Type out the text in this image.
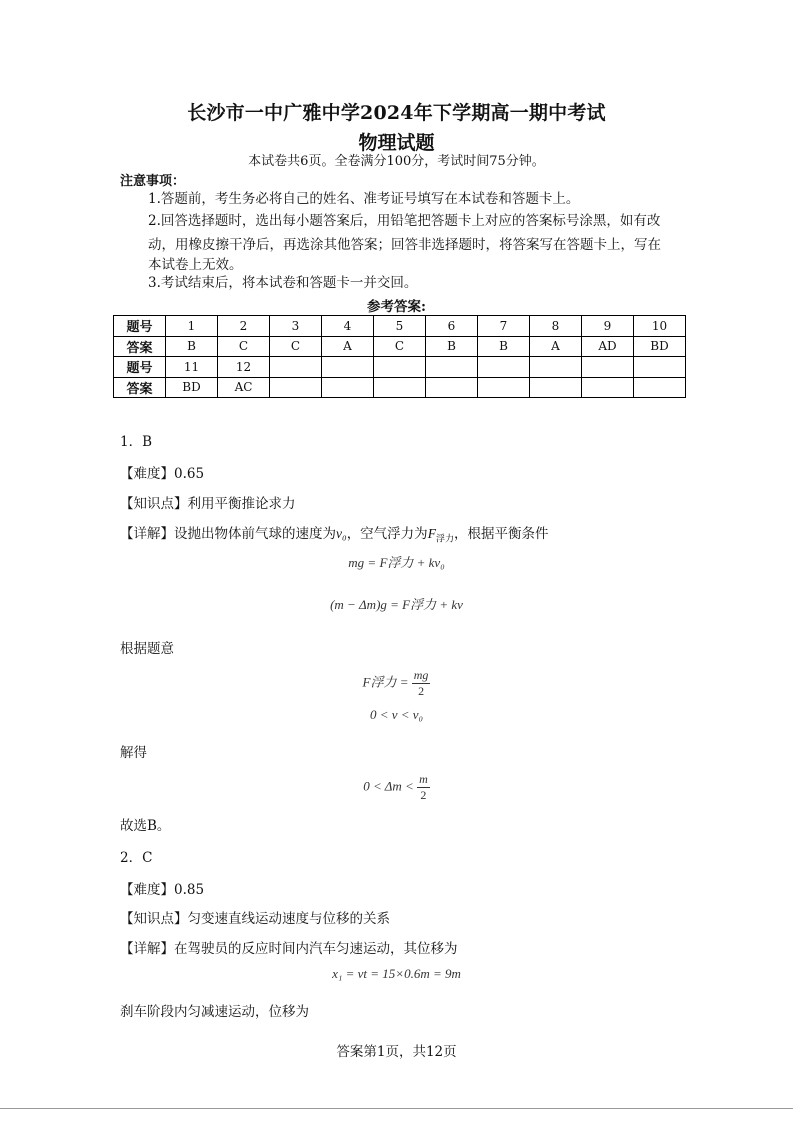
长沙市一中广雅中学2024年下学期高一期中考试
物理试题
本试卷共6页。全卷满分100分，考试时间75分钟。
注意事项：
1.答题前，考生务必将自己的姓名、准考证号填写在本试卷和答题卡上。
2.回答选择题时，选出每小题答案后，用铅笔把答题卡上对应的答案标号涂黑，如有改
动，用橡皮擦干净后，再选涂其他答案；回答非选择题时，将答案写在答题卡上，写在
本试卷上无效。
3.考试结束后，将本试卷和答题卡一并交回。
参考答案:
题号	1	2	3	4	5	6	7	8	9	10
答案	B	C	C	A	C	B	B	A	AD	BD
题号	11	12								
答案	BD	AC								
1．B
【难度】0.65
【知识点】利用平衡推论求力
【详解】设抛出物体前气球的速度为v₀，空气浮力为$F_{浮力}$，根据平衡条件
mg = F浮力 + kv₀
(m − Δm)g = F浮力 + kv
根据题意
F浮力 = $\frac{mg}{2}$
0 < v < v₀
解得
$0 < \Delta m < \frac{m}{2}$
故选B。
2．C
【难度】0.85
【知识点】匀变速直线运动速度与位移的关系
【详解】在驾驶员的反应时间内汽车匀速运动，其位移为
x₁ = vt = 15×0.6m = 9m
刹车阶段内匀减速运动，位移为
答案第1页，共12页
